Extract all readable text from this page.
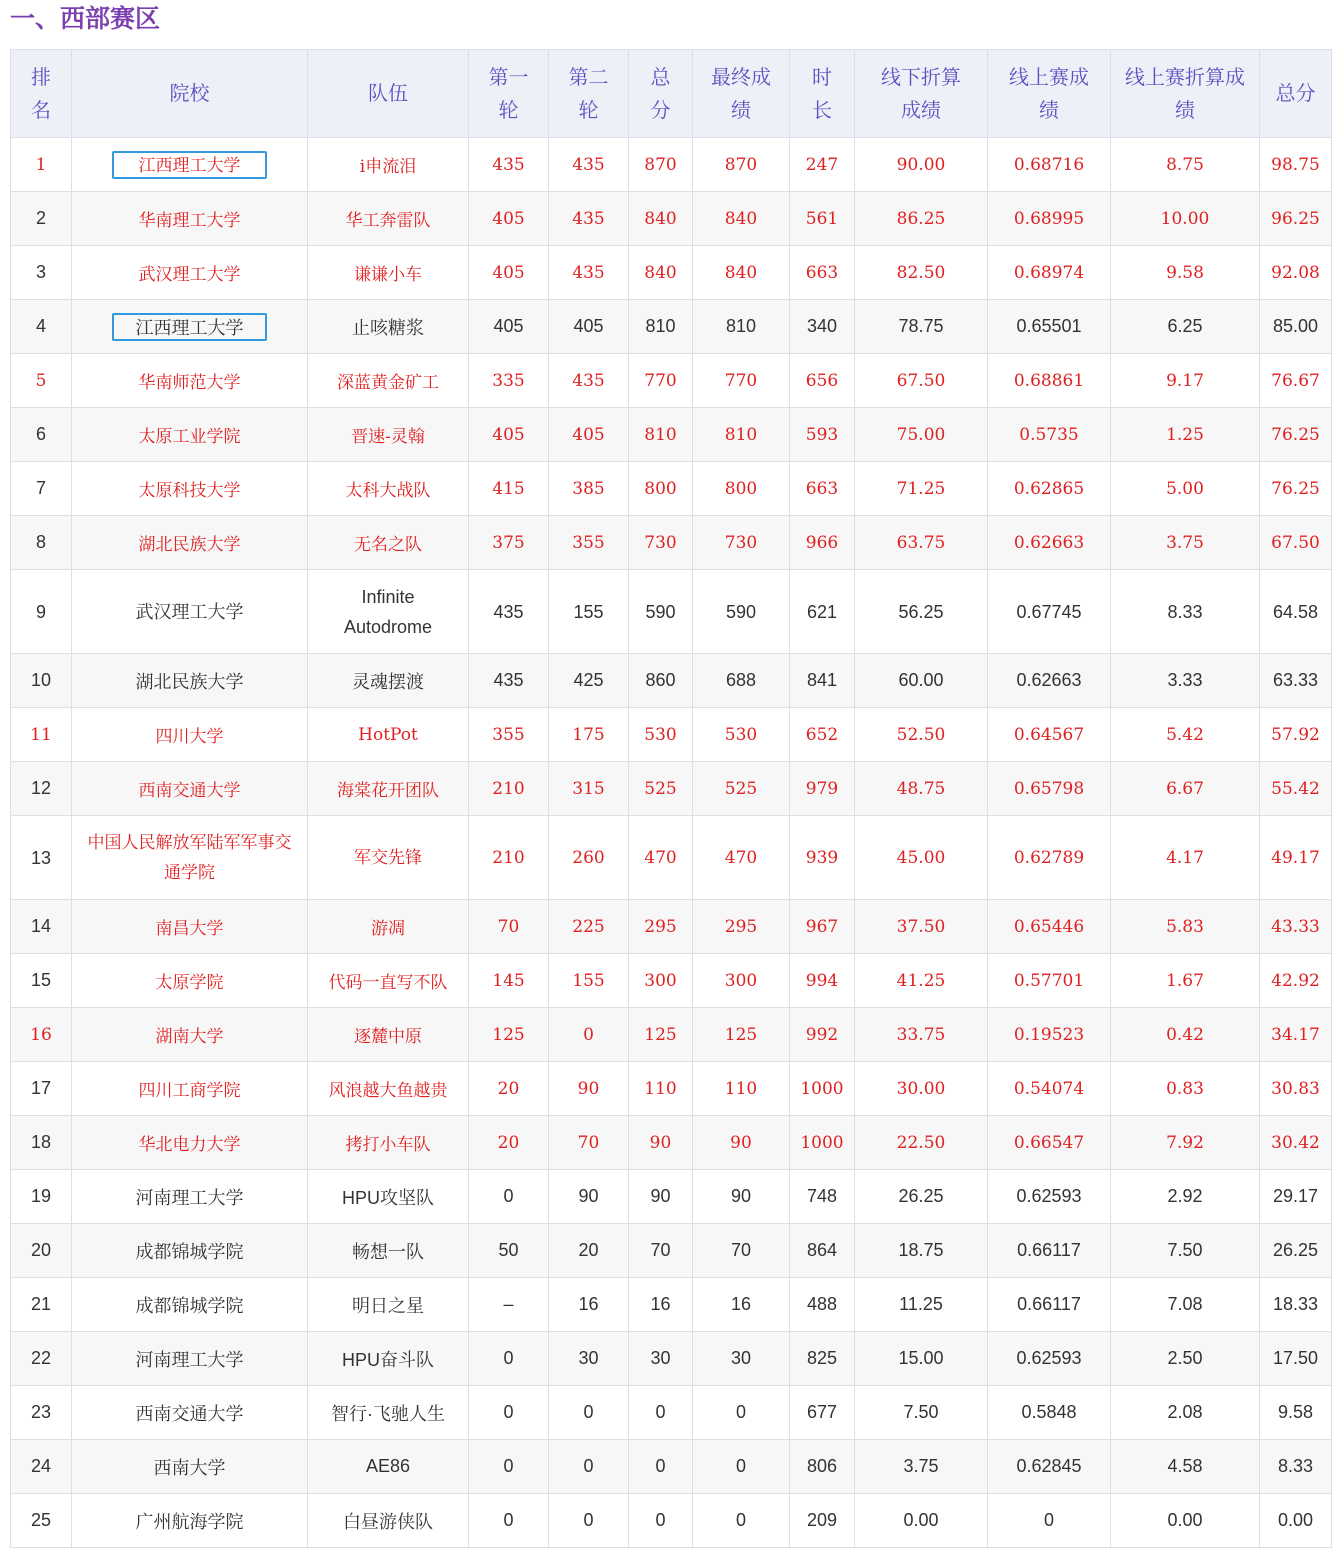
一、西部赛区
排名	院校	队伍	第一轮	第二轮	总分	最终成绩	时长	线下折算成绩	线上赛成绩	线上赛折算成绩	总分
1	江西理工大学	i申流泪	435	435	870	870	247	90.00	0.68716	8.75	98.75
2	华南理工大学	华工奔雷队	405	435	840	840	561	86.25	0.68995	10.00	96.25
3	武汉理工大学	谦谦小车	405	435	840	840	663	82.50	0.68974	9.58	92.08
4	江西理工大学	止咳糖浆	405	405	810	810	340	78.75	0.65501	6.25	85.00
5	华南师范大学	深蓝黄金矿工	335	435	770	770	656	67.50	0.68861	9.17	76.67
6	太原工业学院	晋速-灵翰	405	405	810	810	593	75.00	0.5735	1.25	76.25
7	太原科技大学	太科大战队	415	385	800	800	663	71.25	0.62865	5.00	76.25
8	湖北民族大学	无名之队	375	355	730	730	966	63.75	0.62663	3.75	67.50
9	武汉理工大学	Infinite Autodrome	435	155	590	590	621	56.25	0.67745	8.33	64.58
10	湖北民族大学	灵魂摆渡	435	425	860	688	841	60.00	0.62663	3.33	63.33
11	四川大学	HotPot	355	175	530	530	652	52.50	0.64567	5.42	57.92
12	西南交通大学	海棠花开团队	210	315	525	525	979	48.75	0.65798	6.67	55.42
13	中国人民解放军陆军军事交通学院	军交先锋	210	260	470	470	939	45.00	0.62789	4.17	49.17
14	南昌大学	游凋	70	225	295	295	967	37.50	0.65446	5.83	43.33
15	太原学院	代码一直写不队	145	155	300	300	994	41.25	0.57701	1.67	42.92
16	湖南大学	逐麓中原	125	0	125	125	992	33.75	0.19523	0.42	34.17
17	四川工商学院	风浪越大鱼越贵	20	90	110	110	1000	30.00	0.54074	0.83	30.83
18	华北电力大学	拷打小车队	20	70	90	90	1000	22.50	0.66547	7.92	30.42
19	河南理工大学	HPU攻坚队	0	90	90	90	748	26.25	0.62593	2.92	29.17
20	成都锦城学院	畅想一队	50	20	70	70	864	18.75	0.66117	7.50	26.25
21	成都锦城学院	明日之星	–	16	16	16	488	11.25	0.66117	7.08	18.33
22	河南理工大学	HPU奋斗队	0	30	30	30	825	15.00	0.62593	2.50	17.50
23	西南交通大学	智行·飞驰人生	0	0	0	0	677	7.50	0.5848	2.08	9.58
24	西南大学	AE86	0	0	0	0	806	3.75	0.62845	4.58	8.33
25	广州航海学院	白昼游侠队	0	0	0	0	209	0.00	0	0.00	0.00
